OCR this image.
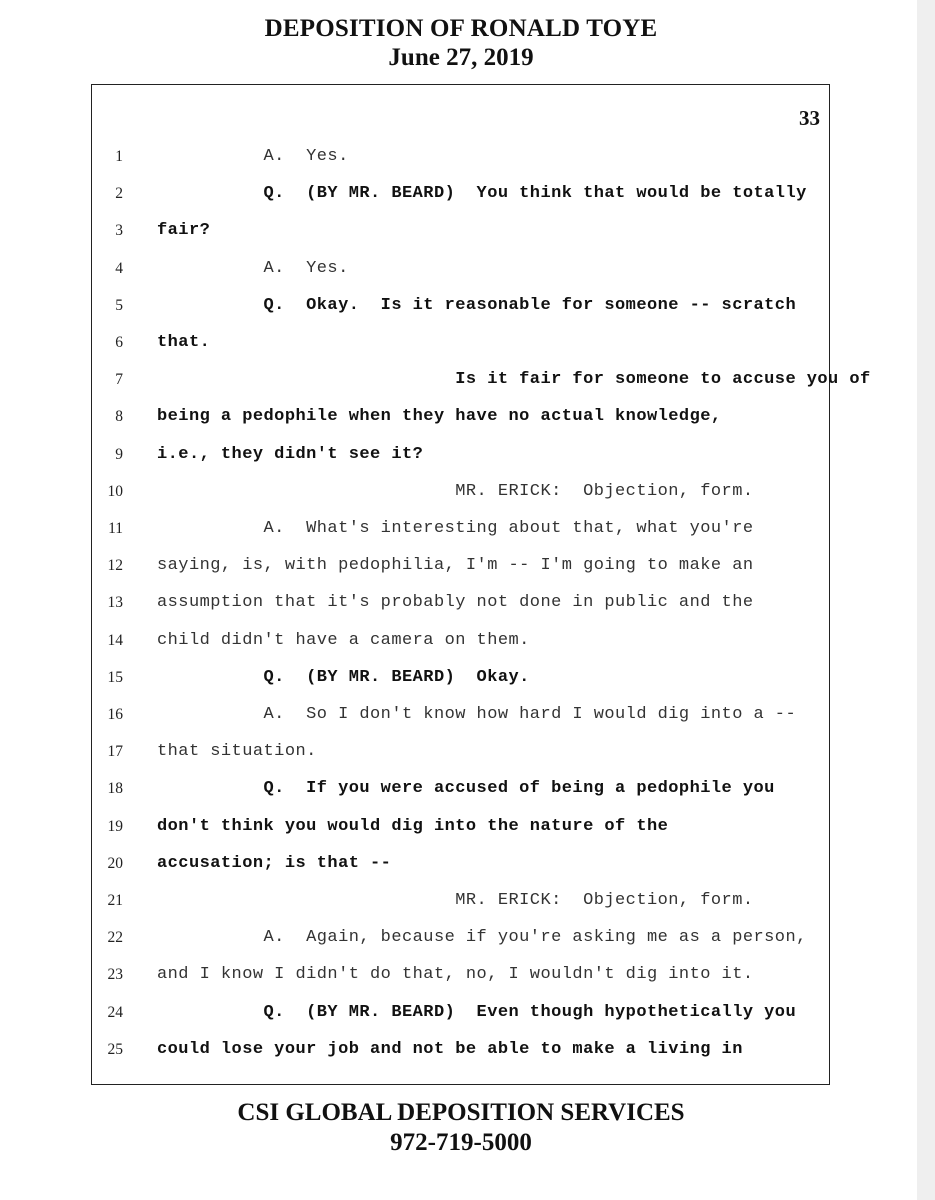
DEPOSITION OF RONALD TOYE
June 27, 2019
33
1 A.  Yes.
2 Q.  (BY MR. BEARD)  You think that would be totally
3 fair?
4 A.  Yes.
5 Q.  Okay.  Is it reasonable for someone -- scratch
6 that.
7 Is it fair for someone to accuse you of
8 being a pedophile when they have no actual knowledge,
9 i.e., they didn't see it?
10 MR. ERICK:  Objection, form.
11 A.  What's interesting about that, what you're
12 saying, is, with pedophilia, I'm -- I'm going to make an
13 assumption that it's probably not done in public and the
14 child didn't have a camera on them.
15 Q.  (BY MR. BEARD)  Okay.
16 A.  So I don't know how hard I would dig into a --
17 that situation.
18 Q.  If you were accused of being a pedophile you
19 don't think you would dig into the nature of the
20 accusation; is that --
21 MR. ERICK:  Objection, form.
22 A.  Again, because if you're asking me as a person,
23 and I know I didn't do that, no, I wouldn't dig into it.
24 Q.  (BY MR. BEARD)  Even though hypothetically you
25 could lose your job and not be able to make a living in
CSI GLOBAL DEPOSITION SERVICES
972-719-5000
